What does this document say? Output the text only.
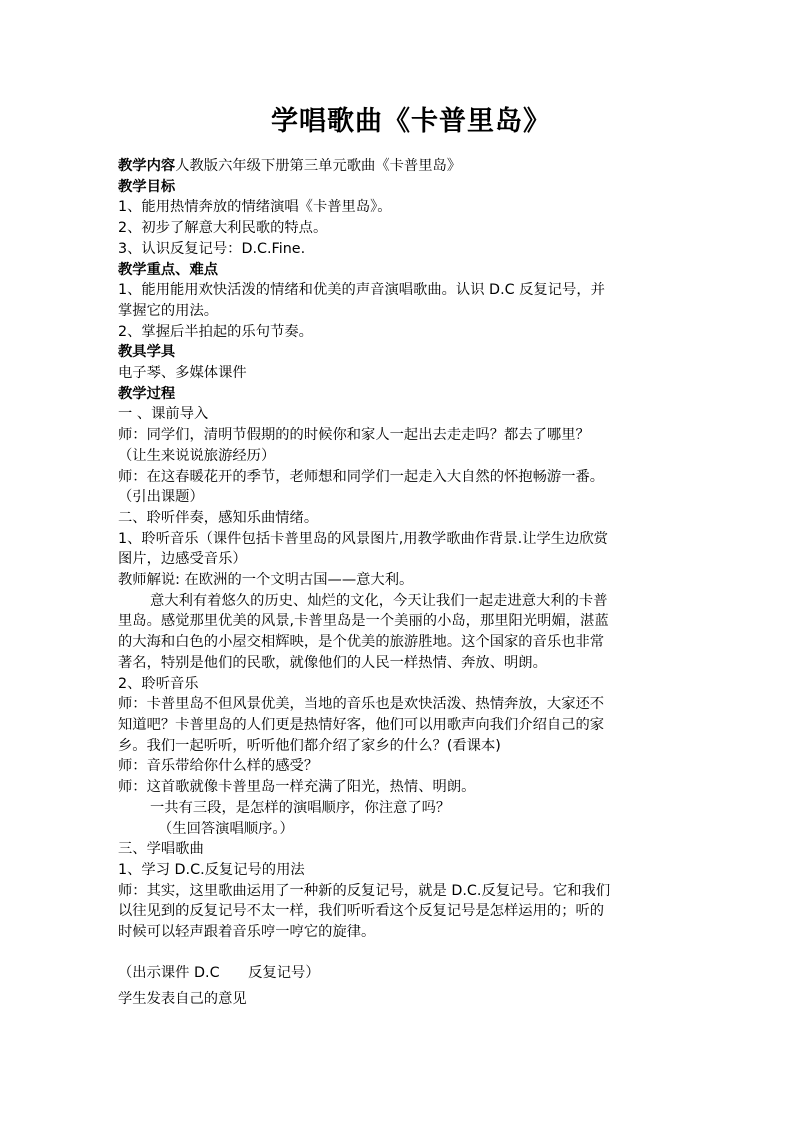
学唱歌曲《卡普里岛》
教学内容人教版六年级下册第三单元歌曲《卡普里岛》
教学目标
1、能用热情奔放的情绪演唱《卡普里岛》。
2、初步了解意大利民歌的特点。
3、认识反复记号：D.C.Fine.
教学重点、难点
1、能用能用欢快活泼的情绪和优美的声音演唱歌曲。认识 D.C 反复记号，并
掌握它的用法。
2、掌握后半拍起的乐句节奏。
教具学具
电子琴、多媒体课件
教学过程
一 、课前导入
师：同学们，清明节假期的的时候你和家人一起出去走走吗？都去了哪里？
（让生来说说旅游经历）
师：在这春暖花开的季节，老师想和同学们一起走入大自然的怀抱畅游一番。
（引出课题）
二、聆听伴奏，感知乐曲情绪。
1、聆听音乐（课件包括卡普里岛的风景图片,用教学歌曲作背景.让学生边欣赏
图片，边感受音乐）
教师解说: 在欧洲的一个文明古国——意大利。
意大利有着悠久的历史、灿烂的文化，今天让我们一起走进意大利的卡普
里岛。感觉那里优美的风景,卡普里岛是一个美丽的小岛，那里阳光明媚，湛蓝
的大海和白色的小屋交相辉映，是个优美的旅游胜地。这个国家的音乐也非常
著名，特别是他们的民歌，就像他们的人民一样热情、奔放、明朗。
2、聆听音乐
师：卡普里岛不但风景优美，当地的音乐也是欢快活泼、热情奔放，大家还不
知道吧？卡普里岛的人们更是热情好客，他们可以用歌声向我们介绍自己的家
乡。我们一起听听，听听他们都介绍了家乡的什么？(看课本)
师：音乐带给你什么样的感受？
师：这首歌就像卡普里岛一样充满了阳光，热情、明朗。
一共有三段，是怎样的演唱顺序，你注意了吗？
（生回答演唱顺序。）
三、学唱歌曲
1、学习 D.C.反复记号的用法
师：其实，这里歌曲运用了一种新的反复记号，就是 D.C.反复记号。它和我们
以往见到的反复记号不太一样，我们听听看这个反复记号是怎样运用的；听的
时候可以轻声跟着音乐哼一哼它的旋律。
（出示课件 D.C　　反复记号）
学生发表自己的意见
